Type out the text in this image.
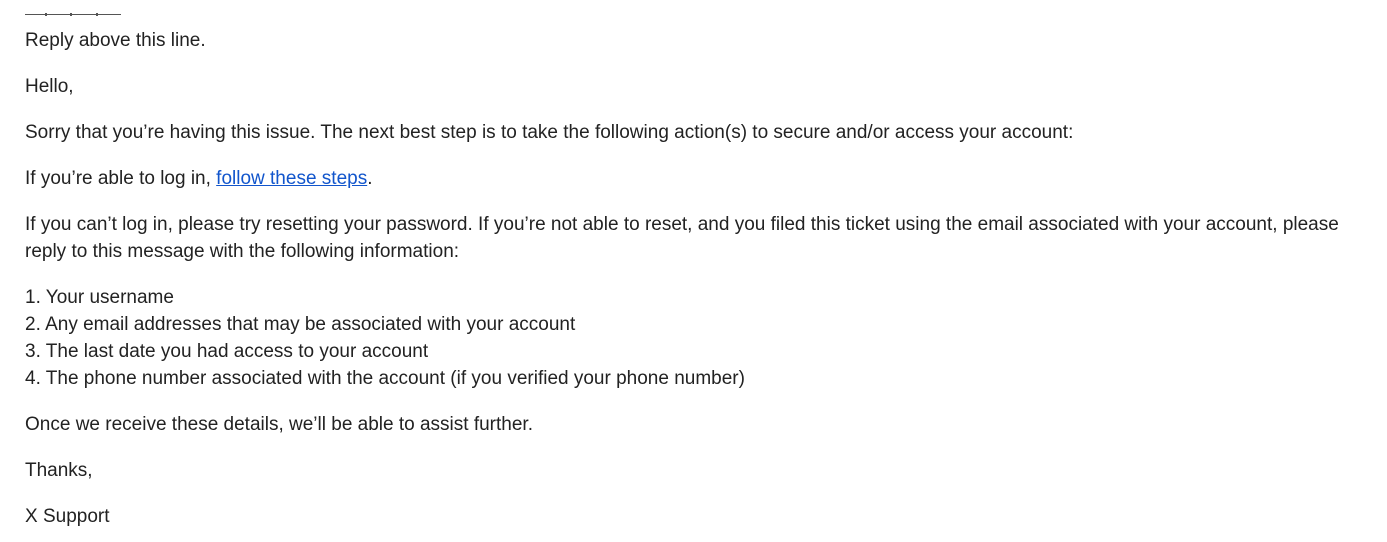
Reply above this line.

Hello,

Sorry that you’re having this issue. The next best step is to take the following action(s) to secure and/or access your account:

If you’re able to log in, follow these steps.

If you can’t log in, please try resetting your password. If you’re not able to reset, and you filed this ticket using the email associated with your account, please reply to this message with the following information:

1. Your username
2. Any email addresses that may be associated with your account
3. The last date you had access to your account
4. The phone number associated with the account (if you verified your phone number)

Once we receive these details, we’ll be able to assist further.

Thanks,

X Support
